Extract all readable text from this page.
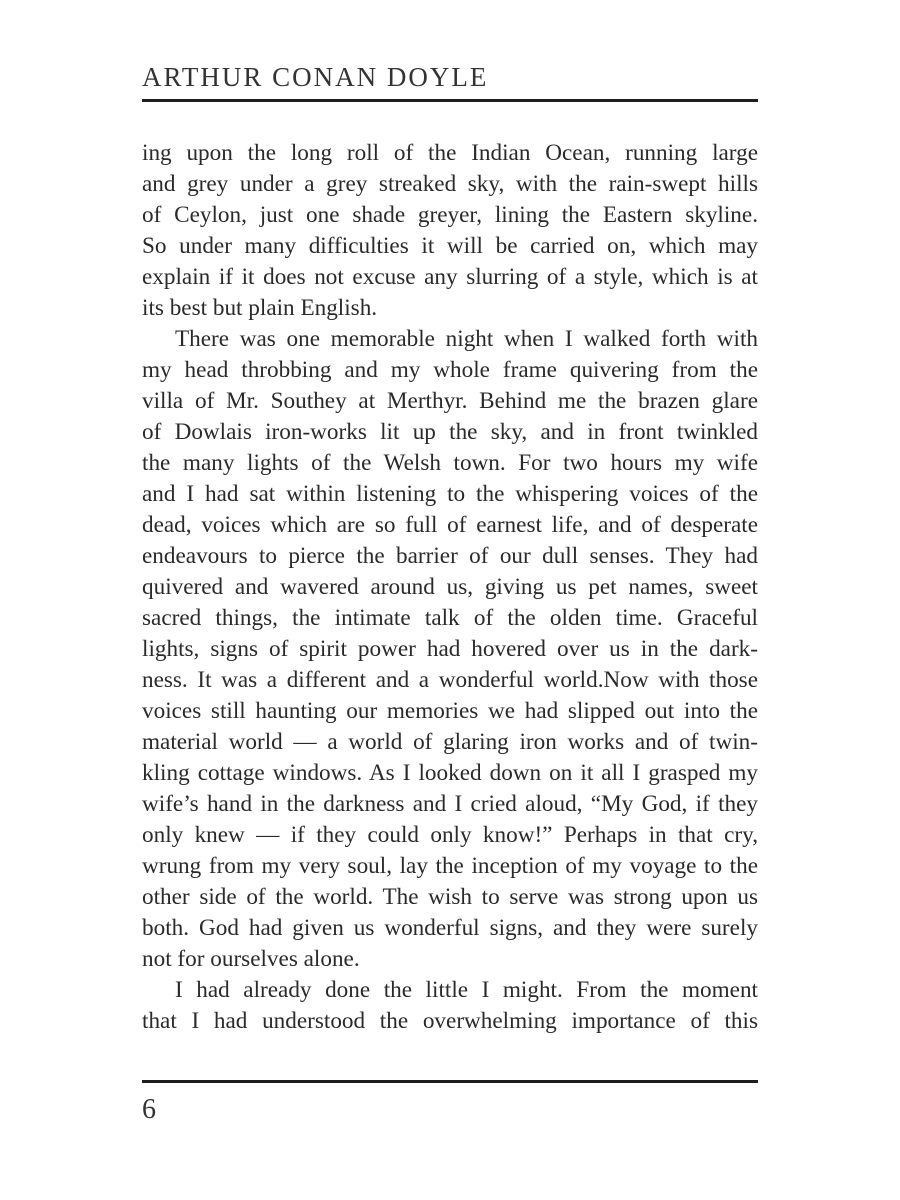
ARTHUR CONAN DOYLE
ing upon the long roll of the Indian Ocean, running large
and grey under a grey streaked sky, with the rain-swept hills
of Ceylon, just one shade greyer, lining the Eastern skyline.
So under many difficulties it will be carried on, which may
explain if it does not excuse any slurring of a style, which is at
its best but plain English.
There was one memorable night when I walked forth with
my head throbbing and my whole frame quivering from the
villa of Mr. Southey at Merthyr. Behind me the brazen glare
of Dowlais iron-works lit up the sky, and in front twinkled
the many lights of the Welsh town. For two hours my wife
and I had sat within listening to the whispering voices of the
dead, voices which are so full of earnest life, and of desperate
endeavours to pierce the barrier of our dull senses. They had
quivered and wavered around us, giving us pet names, sweet
sacred things, the intimate talk of the olden time. Graceful
lights, signs of spirit power had hovered over us in the dark-
ness. It was a different and a wonderful world.Now with those
voices still haunting our memories we had slipped out into the
material world — a world of glaring iron works and of twin-
kling cottage windows. As I looked down on it all I grasped my
wife’s hand in the darkness and I cried aloud, “My God, if they
only knew — if they could only know!” Perhaps in that cry,
wrung from my very soul, lay the inception of my voyage to the
other side of the world. The wish to serve was strong upon us
both. God had given us wonderful signs, and they were surely
not for ourselves alone.
I had already done the little I might. From the moment
that I had understood the overwhelming importance of this
6
